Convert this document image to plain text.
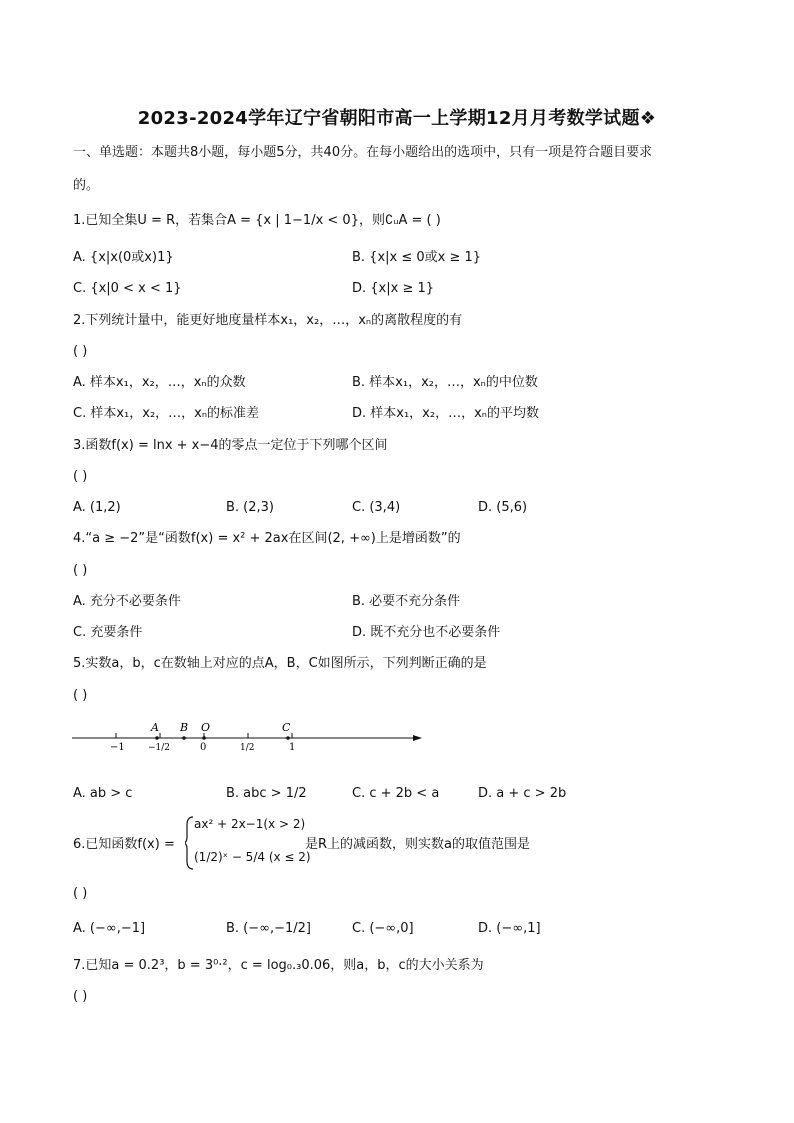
2023-2024学年辽宁省朝阳市高一上学期12月月考数学试题❖
一、单选题：本题共8小题，每小题5分，共40分。在每小题给出的选项中，只有一项是符合题目要求
的。
1.已知全集U = R，若集合A = {x | 1−1/x < 0}，则∁ᵤA = ( )
A. {x|x(0或x)1}	B. {x|x ≤ 0或x ≥ 1}
C. {x|0 < x < 1}	D. {x|x ≥ 1}
2.下列统计量中，能更好地度量样本x₁，x₂，…，xₙ的离散程度的有
( )
A. 样本x₁，x₂，…，xₙ的众数	B. 样本x₁，x₂，…，xₙ的中位数
C. 样本x₁，x₂，…，xₙ的标准差	D. 样本x₁，x₂，…，xₙ的平均数
3.函数f(x) = lnx + x−4的零点一定位于下列哪个区间
( )
A. (1,2)	B. (2,3)	C. (3,4)	D. (5,6)
4.“a ≥ −2”是“函数f(x) = x² + 2ax在区间(2, +∞)上是增函数”的
( )
A. 充分不必要条件	B. 必要不充分条件
C. 充要条件	D. 既不充分也不必要条件
5.实数a，b，c在数轴上对应的点A，B，C如图所示，下列判断正确的是
( )
A B O	C
−1	−1/2	0	1/2	1
A. ab > c	B. abc > 1/2	C. c + 2b < a	D. a + c > 2b
6.已知函数f(x) =
ax² + 2x−1(x > 2)
(1/2)ˣ − 5/4 (x ≤ 2)
是R上的减函数，则实数a的取值范围是
( )
A. (−∞,−1]	B. (−∞,−1/2]	C. (−∞,0]	D. (−∞,1]
7.已知a = 0.2³，b = 3⁰·²，c = log₀.₃0.06，则a，b，c的大小关系为
( )
